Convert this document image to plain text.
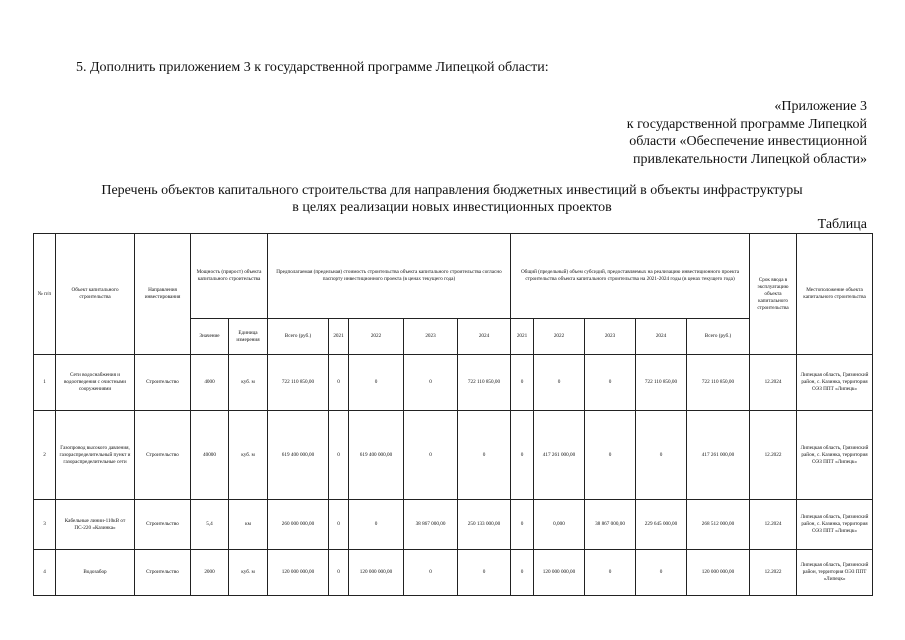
5. Дополнить приложением 3 к государственной программе Липецкой области:
«Приложение 3
к государственной программе Липецкой
области «Обеспечение инвестиционной
привлекательности Липецкой области»
Перечень объектов капитального строительства для направления бюджетных инвестиций в объекты инфраструктуры
в целях реализации новых инвестиционных проектов
Таблица
№ п/п	Объект капитального строительства	Направления инвестирования	Мощность (прирост) объекта капитального строительства		Предполагаемая (предельная) стоимость строительства объекта капитального строительства согласно паспорту инвестиционного проекта (в ценах текущего года)					Общий (предельный) объем субсидий, предоставляемых на реализацию инвестиционного проекта строительства объекта капитального строительства на 2021-2024 годы (в ценах текущего года)					Срок ввода в эксплуатацию объекта капитального строительства	Местоположение объекта капитального строительства
			Значение	Единица измерения	Всего (руб.)	2021	2022	2023	2024	2021	2022	2023	2024	Всего (руб.)		
1	Сети водоснабжения и водоотведения с очистными сооружениями	Строительство	4000	куб. м	722 110 850,00	0	0	0	722 110 850,00	0	0	0	722 110 850,00	722 110 850,00	12.2024	Липецкая область, Грязинский район, с. Казинка, территория ОЭЗ ППТ «Липецк»
2	Газопровод высокого давления, газораспределительный пункт и газораспределительные сети	Строительство	40000	куб. м	619 400 000,00	0	619 400 000,00	0	0	0	417 261 000,00	0	0	417 261 000,00	12.2022	Липецкая область, Грязинский район, с. Казинка, территория ОЭЗ ППТ «Липецк»
3	Кабельные линии-110кВ от ПС-220 «Казинка»	Строительство	5,4	км	260 000 000,00	0	0	38 867 000,00	250 133 000,00	0	0,000	38 867 000,00	229 645 000,00	268 512 000,00	12.2024	Липецкая область, Грязинский район, с. Казинка, территория ОЭЗ ППТ «Липецк»
4	Водозабор	Строительство	2000	куб. м	120 000 000,00	0	120 000 000,00	0	0	0	120 000 000,00	0	0	120 000 000,00	12.2022	Липецкая область, Грязинский район, территория ОЭЗ ППТ «Липецк»
